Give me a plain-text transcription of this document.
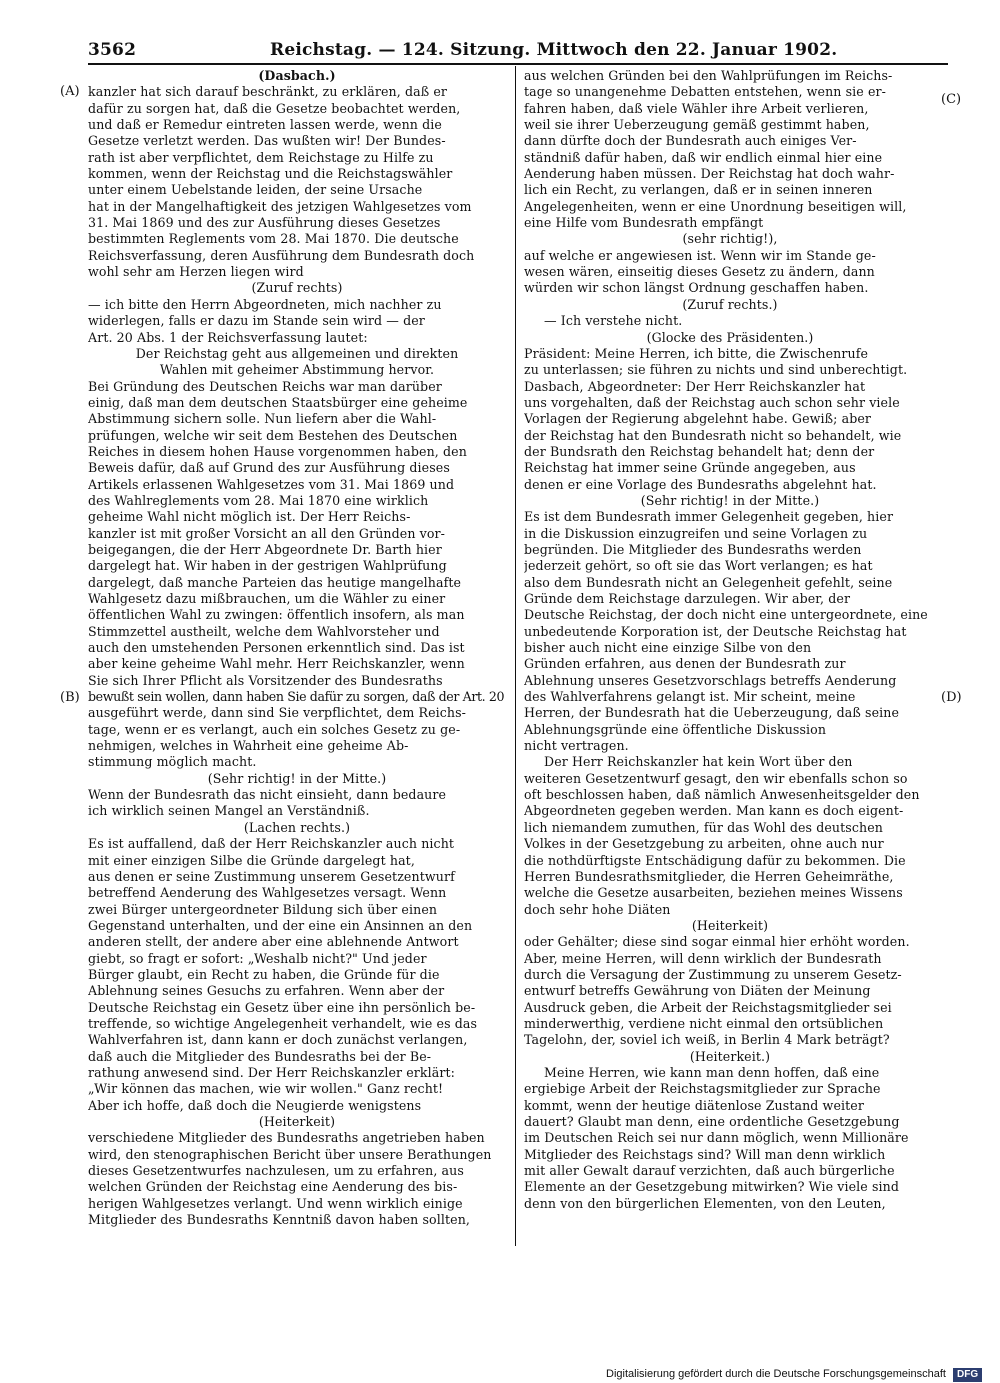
3562	Reichstag. — 124. Sitzung. Mittwoch den 22. Januar 1902.
(A)
(B)
(C)
(D)

(Dasbach.)

kanzler hat sich darauf beschränkt, zu erklären, daß er

dafür zu sorgen hat, daß die Gesetze beobachtet werden,

und daß er Remedur eintreten lassen werde, wenn die

Gesetze verletzt werden. Das wußten wir! Der Bundes-

rath ist aber verpflichtet, dem Reichstage zu Hilfe zu

kommen, wenn der Reichstag und die Reichstagswähler

unter einem Uebelstande leiden, der seine Ursache

hat in der Mangelhaftigkeit des jetzigen Wahlgesetzes vom

31. Mai 1869 und des zur Ausführung dieses Gesetzes

bestimmten Reglements vom 28. Mai 1870. Die deutsche

Reichsverfassung, deren Ausführung dem Bundesrath doch

wohl sehr am Herzen liegen wird

(Zuruf rechts)

— ich bitte den Herrn Abgeordneten, mich nachher zu

widerlegen, falls er dazu im Stande sein wird — der

Art. 20 Abs. 1 der Reichsverfassung lautet:

Der Reichstag geht aus allgemeinen und direkten

Wahlen mit geheimer Abstimmung hervor.

Bei Gründung des Deutschen Reichs war man darüber

einig, daß man dem deutschen Staatsbürger eine geheime

Abstimmung sichern solle. Nun liefern aber die Wahl-

prüfungen, welche wir seit dem Bestehen des Deutschen

Reiches in diesem hohen Hause vorgenommen haben, den

Beweis dafür, daß auf Grund des zur Ausführung dieses

Artikels erlassenen Wahlgesetzes vom 31. Mai 1869 und

des Wahlreglements vom 28. Mai 1870 eine wirklich

geheime Wahl nicht möglich ist. Der Herr Reichs-

kanzler ist mit großer Vorsicht an all den Gründen vor-

beigegangen, die der Herr Abgeordnete Dr. Barth hier

dargelegt hat. Wir haben in der gestrigen Wahlprüfung

dargelegt, daß manche Parteien das heutige mangelhafte

Wahlgesetz dazu mißbrauchen, um die Wähler zu einer

öffentlichen Wahl zu zwingen: öffentlich insofern, als man

Stimmzettel austheilt, welche dem Wahlvorsteher und

auch den umstehenden Personen erkenntlich sind. Das ist

aber keine geheime Wahl mehr. Herr Reichskanzler, wenn

Sie sich Ihrer Pflicht als Vorsitzender des Bundesraths

bewußt sein wollen, dann haben Sie dafür zu sorgen, daß der Art. 20

ausgeführt werde, dann sind Sie verpflichtet, dem Reichs-

tage, wenn er es verlangt, auch ein solches Gesetz zu ge-

nehmigen, welches in Wahrheit eine geheime Ab-

stimmung möglich macht.

(Sehr richtig! in der Mitte.)

Wenn der Bundesrath das nicht einsieht, dann bedaure

ich wirklich seinen Mangel an Verständniß.

(Lachen rechts.)

Es ist auffallend, daß der Herr Reichskanzler auch nicht

mit einer einzigen Silbe die Gründe dargelegt hat,

aus denen er seine Zustimmung unserem Gesetzentwurf

betreffend Aenderung des Wahlgesetzes versagt. Wenn

zwei Bürger untergeordneter Bildung sich über einen

Gegenstand unterhalten, und der eine ein Ansinnen an den

anderen stellt, der andere aber eine ablehnende Antwort

giebt, so fragt er sofort: „Weshalb nicht?" Und jeder

Bürger glaubt, ein Recht zu haben, die Gründe für die

Ablehnung seines Gesuchs zu erfahren. Wenn aber der

Deutsche Reichstag ein Gesetz über eine ihn persönlich be-

treffende, so wichtige Angelegenheit verhandelt, wie es das

Wahlverfahren ist, dann kann er doch zunächst verlangen,

daß auch die Mitglieder des Bundesraths bei der Be-

rathung anwesend sind. Der Herr Reichskanzler erklärt:

„Wir können das machen, wie wir wollen." Ganz recht!

Aber ich hoffe, daß doch die Neugierde wenigstens

(Heiterkeit)

verschiedene Mitglieder des Bundesraths angetrieben haben

wird, den stenographischen Bericht über unsere Berathungen

dieses Gesetzentwurfes nachzulesen, um zu erfahren, aus

welchen Gründen der Reichstag eine Aenderung des bis-

herigen Wahlgesetzes verlangt. Und wenn wirklich einige

Mitglieder des Bundesraths Kenntniß davon haben sollten,

aus welchen Gründen bei den Wahlprüfungen im Reichs-

tage so unangenehme Debatten entstehen, wenn sie er-

fahren haben, daß viele Wähler ihre Arbeit verlieren,

weil sie ihrer Ueberzeugung gemäß gestimmt haben,

dann dürfte doch der Bundesrath auch einiges Ver-

ständniß dafür haben, daß wir endlich einmal hier eine

Aenderung haben müssen. Der Reichstag hat doch wahr-

lich ein Recht, zu verlangen, daß er in seinen inneren

Angelegenheiten, wenn er eine Unordnung beseitigen will,

eine Hilfe vom Bundesrath empfängt

(sehr richtig!),

auf welche er angewiesen ist. Wenn wir im Stande ge-

wesen wären, einseitig dieses Gesetz zu ändern, dann

würden wir schon längst Ordnung geschaffen haben.

(Zuruf rechts.)

— Ich verstehe nicht.

(Glocke des Präsidenten.)

Präsident: Meine Herren, ich bitte, die Zwischenrufe

zu unterlassen; sie führen zu nichts und sind unberechtigt.

Dasbach, Abgeordneter: Der Herr Reichskanzler hat

uns vorgehalten, daß der Reichstag auch schon sehr viele

Vorlagen der Regierung abgelehnt habe. Gewiß; aber

der Reichstag hat den Bundesrath nicht so behandelt, wie

der Bundsrath den Reichstag behandelt hat; denn der

Reichstag hat immer seine Gründe angegeben, aus

denen er eine Vorlage des Bundesraths abgelehnt hat.

(Sehr richtig! in der Mitte.)

Es ist dem Bundesrath immer Gelegenheit gegeben, hier

in die Diskussion einzugreifen und seine Vorlagen zu

begründen. Die Mitglieder des Bundesraths werden

jederzeit gehört, so oft sie das Wort verlangen; es hat

also dem Bundesrath nicht an Gelegenheit gefehlt, seine

Gründe dem Reichstage darzulegen. Wir aber, der

Deutsche Reichstag, der doch nicht eine untergeordnete, eine

unbedeutende Korporation ist, der Deutsche Reichstag hat

bisher auch nicht eine einzige Silbe von den

Gründen erfahren, aus denen der Bundesrath zur

Ablehnung unseres Gesetzvorschlags betreffs Aenderung

des Wahlverfahrens gelangt ist. Mir scheint, meine

Herren, der Bundesrath hat die Ueberzeugung, daß seine

Ablehnungsgründe eine öffentliche Diskussion

nicht vertragen.

Der Herr Reichskanzler hat kein Wort über den

weiteren Gesetzentwurf gesagt, den wir ebenfalls schon so

oft beschlossen haben, daß nämlich Anwesenheitsgelder den

Abgeordneten gegeben werden. Man kann es doch eigent-

lich niemandem zumuthen, für das Wohl des deutschen

Volkes in der Gesetzgebung zu arbeiten, ohne auch nur

die nothdürftigste Entschädigung dafür zu bekommen. Die

Herren Bundesrathsmitglieder, die Herren Geheimräthe,

welche die Gesetze ausarbeiten, beziehen meines Wissens

doch sehr hohe Diäten

(Heiterkeit)

oder Gehälter; diese sind sogar einmal hier erhöht worden.

Aber, meine Herren, will denn wirklich der Bundesrath

durch die Versagung der Zustimmung zu unserem Gesetz-

entwurf betreffs Gewährung von Diäten der Meinung

Ausdruck geben, die Arbeit der Reichstagsmitglieder sei

minderwerthig, verdiene nicht einmal den ortsüblichen

Tagelohn, der, soviel ich weiß, in Berlin 4 Mark beträgt?

(Heiterkeit.)

Meine Herren, wie kann man denn hoffen, daß eine

ergiebige Arbeit der Reichstagsmitglieder zur Sprache

kommt, wenn der heutige diätenlose Zustand weiter

dauert? Glaubt man denn, eine ordentliche Gesetzgebung

im Deutschen Reich sei nur dann möglich, wenn Millionäre

Mitglieder des Reichstags sind? Will man denn wirklich

mit aller Gewalt darauf verzichten, daß auch bürgerliche

Elemente an der Gesetzgebung mitwirken? Wie viele sind

denn von den bürgerlichen Elementen, von den Leuten,

Digitalisierung gefördert durch die Deutsche Forschungsgemeinschaft DFG
